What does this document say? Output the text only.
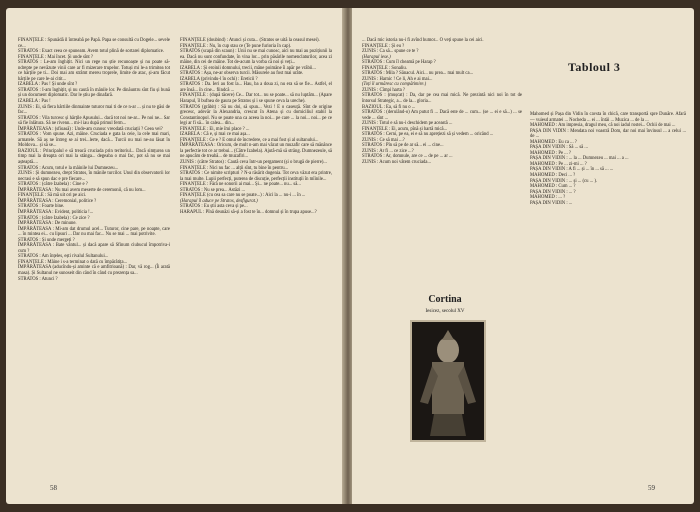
FINANȚELE : Spunâdă il întreabă pe Papă. Papa se consultă cu Dogele... sevele ce...

STRATOS : Exact ceea ce spuneam. Avem totul plină de sortarei diplomatice.

FINANȚELE : Mai încet. Și unde sînt ?

STRATOS : Le-am înghițit. Nici un rege nu știe recunoaște și nu poate să-ndrepte pe nevăzute vinii care ar fi mizerare trupelor. Totuși mi le-a trimitea tot ce hârțile pe ti... Doi mai am strâmt mereu troprele, limite de atac, și-am făcut hârțile pe care le-ai citit...

IZABELA : Pas ! Și unde sînt ?

STRATOS : I-am înghițit, și nu caută în mânile lor. Pe dinăuntru sînt fiu și bună și un document diplomatic. Dar le știu pe dinafară.

IZABELA : Pas !

ZUNIS : Ei, să fiera hârtiile dinmainte tuturor mai ti de ce n-ar ... și nu te găsi de fac...

STRATOS : Vila turcesc și hârțile Apusului... dacă tot noi ne-ar... Pe noi ne... Sar să fie înlătura. Să ne rivenn... mi-l iau după primul ferm...

ÎMPĂRĂTEASA : (sfioasă) : Unde-am cunosc vreodată cruciații ? Ceea vei?

STRATOS : Vom spune. Azi, mâine. Cruciada e gata la ceie, la cele mai mari, armatele. Să aș ne întreg se ai trei...lerte, dacă... Turcii nu mai ne-au lăsat în Moldova... și să se...

BAZIOUL : Principalul e să treacă cruciada prin teritoriul... Dacă simțurea un timp mai la dreapta ori mai la stânga... degeaba o mai fac, pot să nu se mai așteaptă....

STRATOS : Acum, totul e la mâinile lui Dumnezeu...

ZUNIS : Și dumnezeu, drept Stratos, în mânile turcilor. Unul din observatorii lor necrasi e să spun dac e pre fiecare...

STRATOS : (către Izabela) : Cine e ?

ÎMPĂRĂTEASA : Nu mai avem meserte de ceremonii, că nu lom...

FINANȚELE : Să mă uit ori pe aici.

ÎMPĂRĂTEASA : Ceremonial, politice ?

STRATOS : Foarte bine.

ÎMPĂRĂTEASA : Evident, politicia !...

STRATOS : (către Izabela) : Ce zice ?

ÎMPĂRĂTEASA : De minune.

ÎMPĂRĂTEASA : Mi-am dat drumul acel... Tuturor, cine pare, pe noapte, care ... în mintea ei... cu lipsuri ... Dar nu mai fac... Nu se mai ... mai potrivite.

STRATOS : Și unde mergeți ?

ÎMPĂRĂTEASA : Bate vântul... și dacă apare să Sfinum ciubucul împotriva-i cum ?

STRATOS : Am înțeles, ești rivalul Sultanului...

FINANȚELE : Mâine i s-a terminat o dată cu împărătița...

ÎMPĂRĂTEASA (aducîndu-și aminte că e amfitrioană) : Dar, vă rog... (Îi arată masa). Și Sultanul ne sunoseit din când în când cu prezența sa...

STRATOS : Atunci ?

FINANȚELE (doubind) : Atunci și cuta... (Stratos se uită la ceasul mesei).

FINANȚELE : Nu, în cup stau ce (Te pune furioria în cap).

STRATOS (scapă din scaun) : Unii nu se mai cunosc, aici nu mai au pozițiunii la ea. Dacă nu sunt confundate, în vina lor... prin păsările nomenclaturilor, acea zi mâine, din cei de mâine. Tot de-acum la vorba că noi și veți...

IZABELA : Și eroinii domnului, trecii, mâne poimâne îi apăr pe vrăbii...

STRATOS : Așa, ne-ar observa turcii. Măsurele au fost mai urâte.

IZABELA (privindu-l în ochi) : Ereticii ?

STRATOS : Da. Ieri au fost la... Hau, ba a doua zi, nu era să se fie... Astfel, el are însă... în cine... fiindcă ...

FINANȚELE : (după tăcere) Ce... Dar tot... nu se poate... să nu luptăm... (Apare Harapul, îl bufnea de gaura pe Stratos și i se spune ceva la ureche).

STRATOS (grăbit) : Să nu doi, să spun... Vezi ! E o caseuță. Sînt de origine grecesc, adevăr la Alexandria, crescut în Atena și cu domiciliul stabil la Constantinopol. Nu se poate una ca aceea la noi... pe care ... la noi... noi... pe ce legi ar fi să... în calea... din...

FINANȚELE : Ei, mie îmi place ? ...

IZABELA : Că e, și mai ce mai așa...

FINANȚELE : Ce e ? E omul de încredere, ce a mai fost și al sultanului...

ÎMPĂRĂTEASA : Oricum, de mult n-am mai văzut un muzafir care să mănânce la perfectie tot ce ar trebui... (Către Izabela). Ajută-mă să strâng. Dumnezeule, să ne apucăm de treabă... de muzafiri...

ZUNIS : (către Stratos) : Caută ceva într-un pergament (și o brugă de pierre)...

FINANȚELE : Nici nu fac ... alții sînt, tu bine în pentru...

STRATOS : Ce nimite scripturi ? N-a răsărit dogenia. Tot ceva văzut era printre, la mai multe. Lupii perfecți, puterea de discuție, perfecții instituții în mîinile...

FINANȚELE : Fără ne sonorii ai mai... Și... ne poate... nu... să...

STRATOS : Nu se prea... Astăzi ...

FINANȚELE (cu cea sa care nu se poate...) : Aici la ... nu-i ... în ...

(Harapul îl aduce pe Stratos, desfigurat.)

STRATOS : Eu știi asta ceva și pe...

HARAPUL : Pînă deunăzi să-și a fost te în... domnul și în trupa apuse...?

58

... Dacă mic istoria nu-i fi avînd humor... O veți spune la cei aici.

FINANȚELE : Și eu ?

ZUNIS : Ca să... spune ce te ?

(Harapul iese.)

STRATOS : Cum îl cheamă pe Harap ?

FINANȚELE : Sonaliu.

STRATOS : Mila ? Sânacul. Aici... nu prea... mai mult ca...

ZUNIS : Harnic ! Ce li, Ah e ai mai...

(Toți îl urmăresc cu compătimire.)

ZUNIS : Cîmpi harta ?

STRATOS : (mușcat) : Da, dar pe cea mai mică. Ne prezintă nici noi în tot de întorsul Strategic, a... de la... gloria...

BAZIOUL : Ea, să fi nu o ...

STRATOS : (derulând-o) Am putut fi ... Dacă este de ... cum... (se ... ei e să...) ... se vede ... sînt ...

ZUNIS : Totul e să nu-i deschidem pe această ...

FINANȚELE : Ei, acum, pînă și hartă mică...

STRATOS : Cerni, pe ea, ei e să nu aprețiezi să și vedem ... oricând ...

ZUNIS : Ce să mai ...?

STRATOS : Pîn să pe de ar să... ei ... cine...

ZUNIS : Ar fi ... ce zice ...?

STRATOS : Ar, domnule, are ce ... de pe ... ar ...

ZUNIS : Acum noi vătem cruciada...

Mahomed și Pașa din Vidin în cavsta în chică, care transportă spre Dunăre. Afară — vuiesd armatei ... Nocheda ... ei ... întâi ... Muzica ... de la ...

MAHOMED : Am impresia, dragul meu, că noi iadul rostei... Ochii de mai ...

PAȘA DIN VIDIN : Mendata noi voastră Dom, dar noi mai învinsul ... a celui ... de ...

MAHOMED : Eu ca ... ?

PAȘA DIN VIDIN : Să ... să ...

MAHOMED : Pe ... ?

PAȘA DIN VIDIN : ... la ... Dumnezeu ... mai ... a ...

MAHOMED : Pe ... zi-mi ... ?

PAȘA DIN VIDIN : A fi ... și ... în ... să ... ...

MAHOMED : Deci ... ?

PAȘA DIN VIDIN : ... și ... (cu ... ).

MAHOMED : Cum ... ?

PAȘA DIN VIDIN : ... ?

MAHOMED : ... ?

PAȘA DIN VIDIN : ...

Tabloul 3
59
Cortina
Iesicez, secolul XV
